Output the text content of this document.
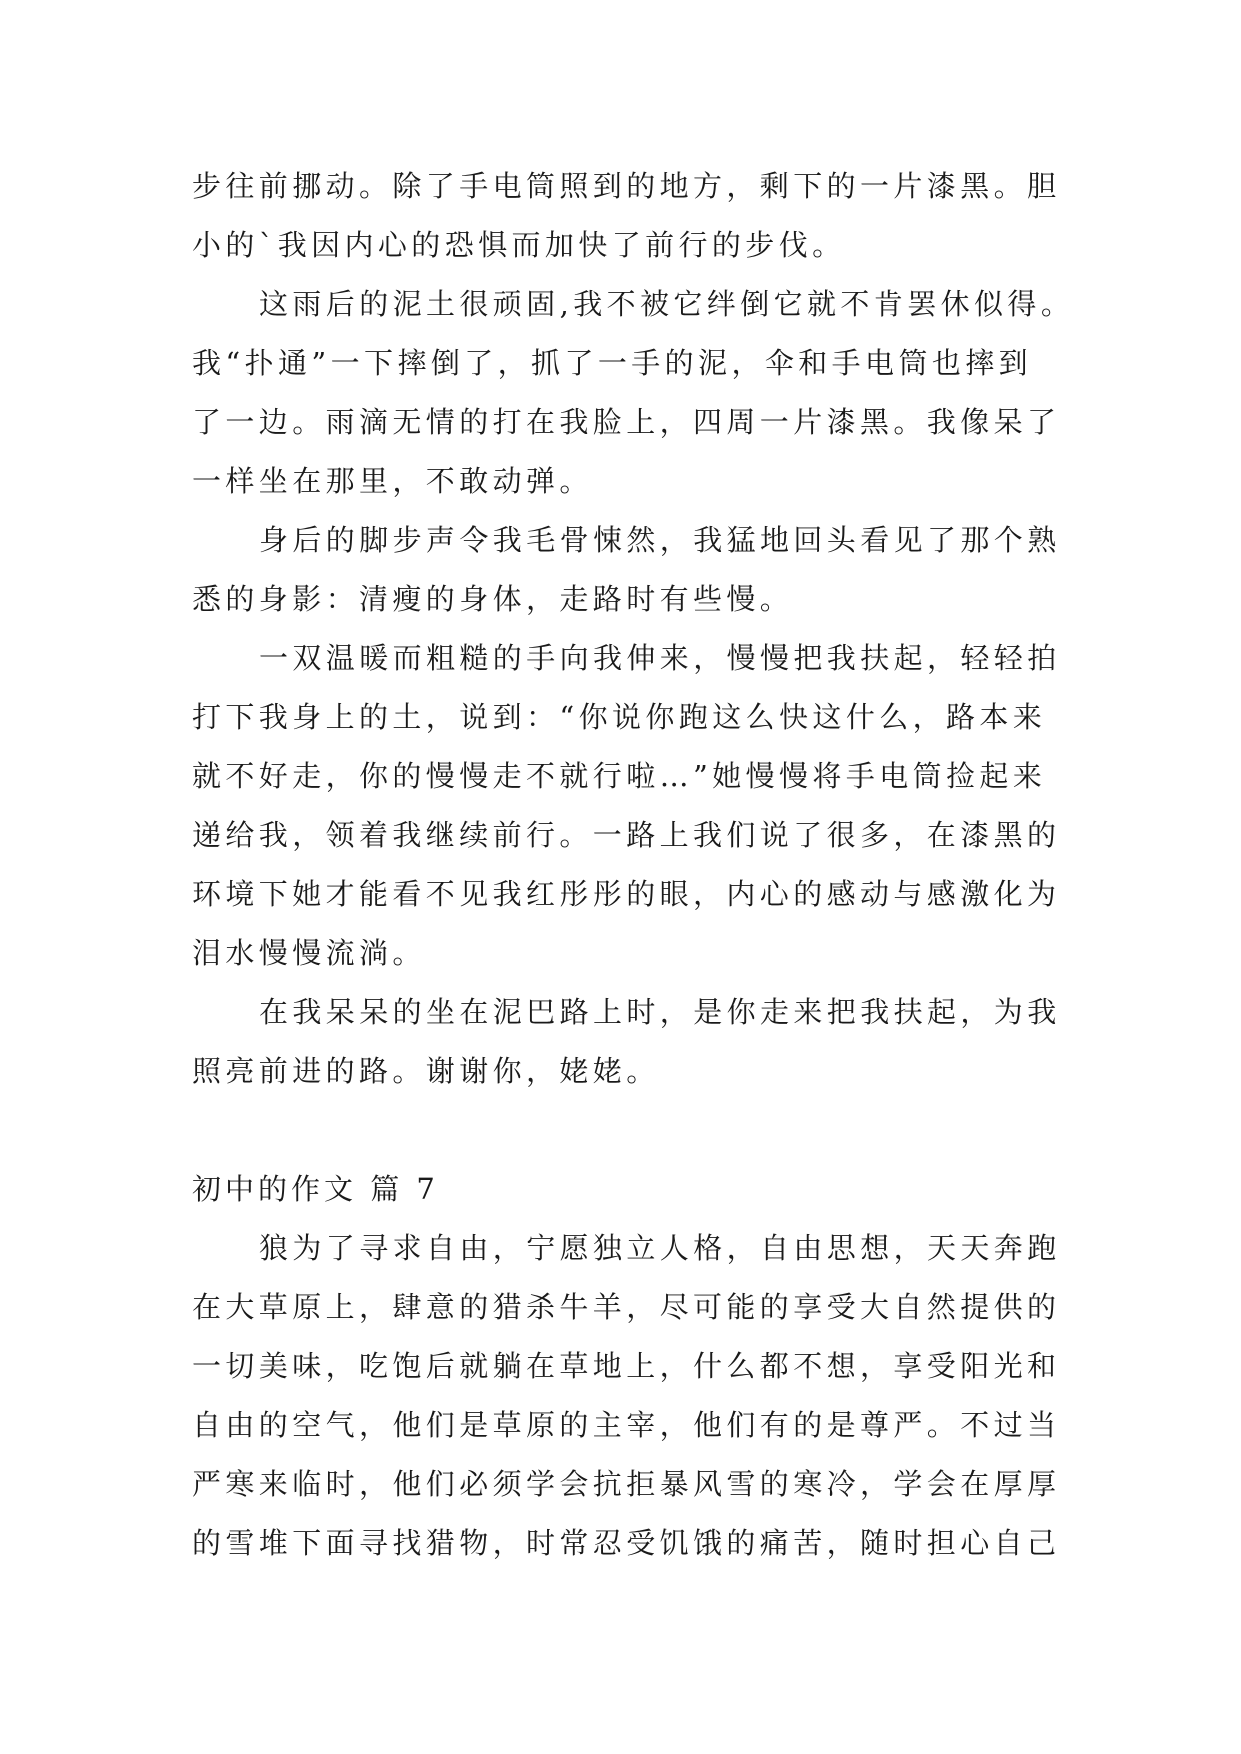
步往前挪动。除了手电筒照到的地方，剩下的一片漆黑。胆
小的`我因内心的恐惧而加快了前行的步伐。
这雨后的泥土很顽固,我不被它绊倒它就不肯罢休似得。
我“扑通”一下摔倒了，抓了一手的泥，伞和手电筒也摔到
了一边。雨滴无情的打在我脸上，四周一片漆黑。我像呆了
一样坐在那里，不敢动弹。
身后的脚步声令我毛骨悚然，我猛地回头看见了那个熟
悉的身影：清瘦的身体，走路时有些慢。
一双温暖而粗糙的手向我伸来，慢慢把我扶起，轻轻拍
打下我身上的土，说到：“你说你跑这么快这什么，路本来
就不好走，你的慢慢走不就行啦…”她慢慢将手电筒捡起来
递给我，领着我继续前行。一路上我们说了很多，在漆黑的
环境下她才能看不见我红彤彤的眼，内心的感动与感激化为
泪水慢慢流淌。
在我呆呆的坐在泥巴路上时，是你走来把我扶起，为我
照亮前进的路。谢谢你，姥姥。
初中的作文 篇 7
狼为了寻求自由，宁愿独立人格，自由思想，天天奔跑
在大草原上，肆意的猎杀牛羊，尽可能的享受大自然提供的
一切美味，吃饱后就躺在草地上，什么都不想，享受阳光和
自由的空气，他们是草原的主宰，他们有的是尊严。不过当
严寒来临时，他们必须学会抗拒暴风雪的寒冷，学会在厚厚
的雪堆下面寻找猎物，时常忍受饥饿的痛苦，随时担心自己
